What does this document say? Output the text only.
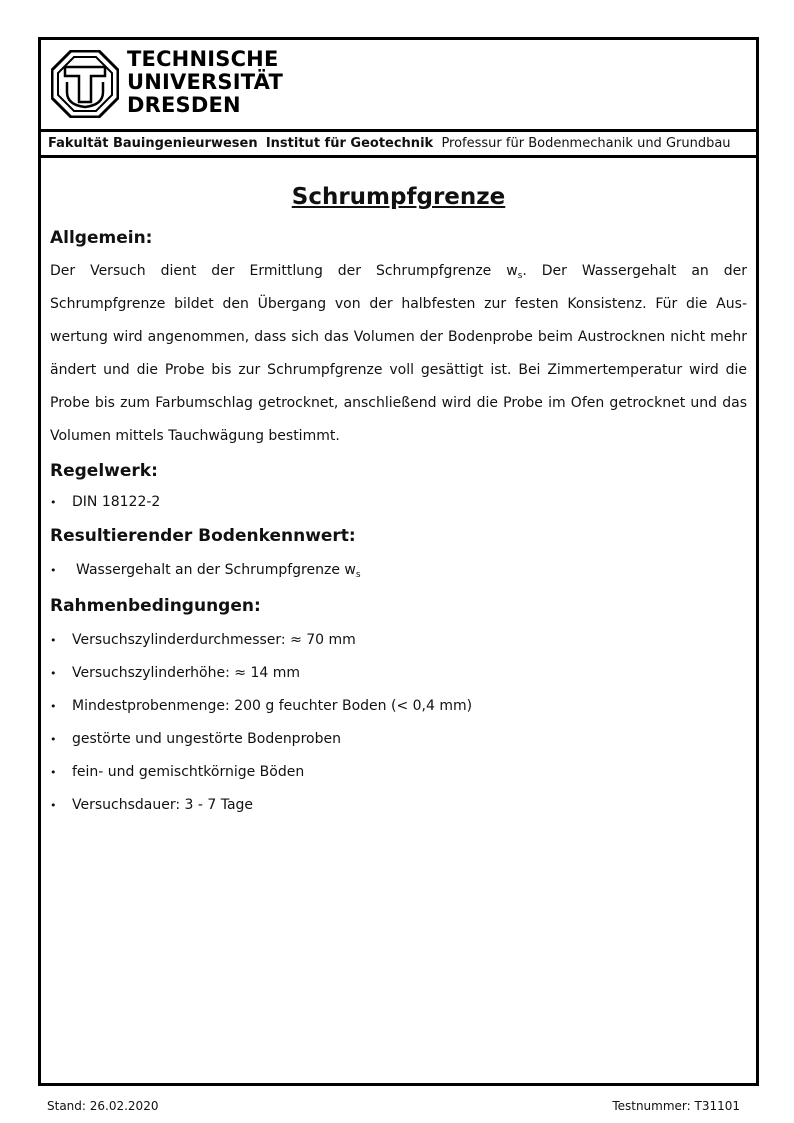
TECHNISCHE
UNIVERSITÄT
DRESDEN
Fakultät Bauingenieurwesen Institut für Geotechnik Professur für Bodenmechanik und Grundbau
Schrumpfgrenze
Allgemein:

Der Versuch dient der Ermittlung der Schrumpfgrenze $w_s$. Der Wassergehalt an der Schrumpfgrenze bildet den Übergang von der halbfesten zur festen Konsistenz. Für die Auswertung wird angenommen, dass sich das Volumen der Bodenprobe beim Austrocknen nicht mehr ändert und die Probe bis zur Schrumpfgrenze voll gesättigt ist. Bei Zimmertemperatur wird die Probe bis zum Farbumschlag getrocknet, anschließend wird die Probe im Ofen getrocknet und das Volumen mittels Tauchwägung bestimmt.

Regelwerk:
• DIN 18122-2
Resultierender Bodenkennwert:
• Wassergehalt an der Schrumpfgrenze $w_s$
Rahmenbedingungen:
• Versuchszylinderdurchmesser: ≈ 70 mm
• Versuchszylinderhöhe: ≈ 14 mm
• Mindestprobenmenge: 200 g feuchter Boden (< 0,4 mm)
• gestörte und ungestörte Bodenproben
• fein- und gemischtkörnige Böden
• Versuchsdauer: 3 - 7 Tage
Stand: 26.02.2020	Testnummer: T31101
